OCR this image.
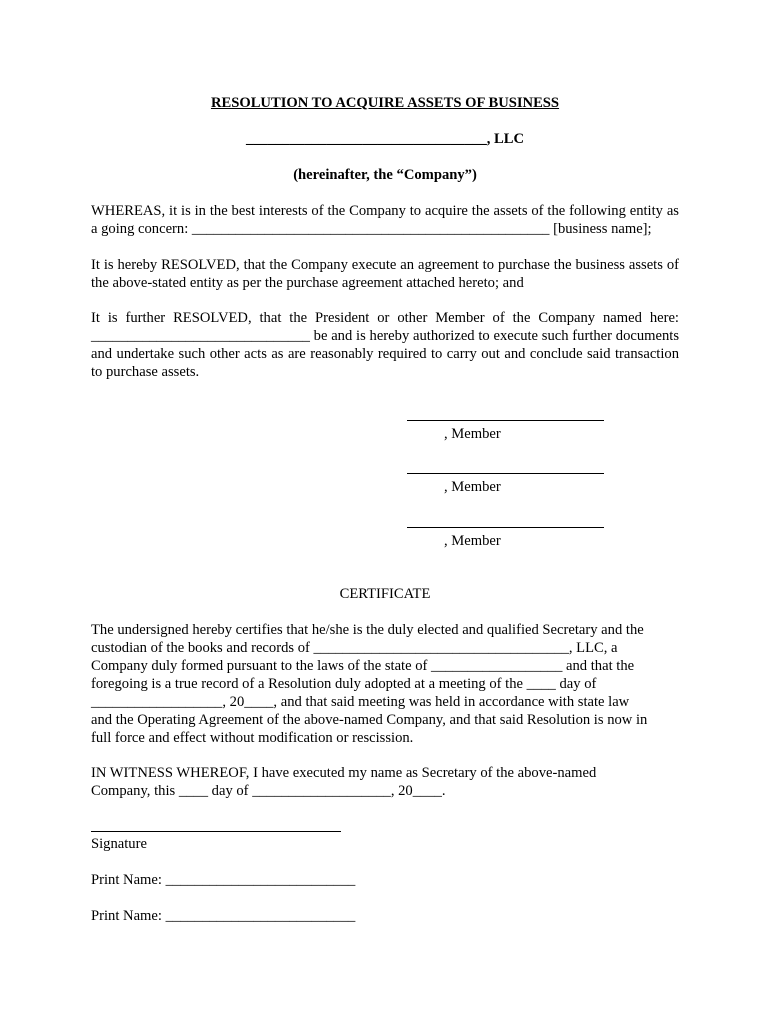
RESOLUTION TO ACQUIRE ASSETS OF BUSINESS
_________________________________, LLC
(hereinafter, the “Company”)
WHEREAS, it is in the best interests of the Company to acquire the assets of the following entity as a going concern: _________________________________________________ [business name];
It is hereby RESOLVED, that the Company execute an agreement to purchase the business assets of the above-stated entity as per the purchase agreement attached hereto; and
It is further RESOLVED, that the President or other Member of the Company named here: ______________________________ be and is hereby authorized to execute such further documents and undertake such other acts as are reasonably required to carry out and conclude said transaction to purchase assets.
, Member
, Member
, Member
CERTIFICATE
The undersigned hereby certifies that he/she is the duly elected and qualified Secretary and the
custodian of the books and records of ___________________________________, LLC, a
Company duly formed pursuant to the laws of the state of __________________ and that the
foregoing is a true record of a Resolution duly adopted at a meeting of the ____ day of
__________________, 20____, and that said meeting was held in accordance with state law
and the Operating Agreement of the above-named Company, and that said Resolution is now in
full force and effect without modification or rescission.
IN WITNESS WHEREOF, I have executed my name as Secretary of the above-named
Company, this ____ day of ___________________, 20____.
Signature
Print Name: __________________________
Print Name: __________________________
